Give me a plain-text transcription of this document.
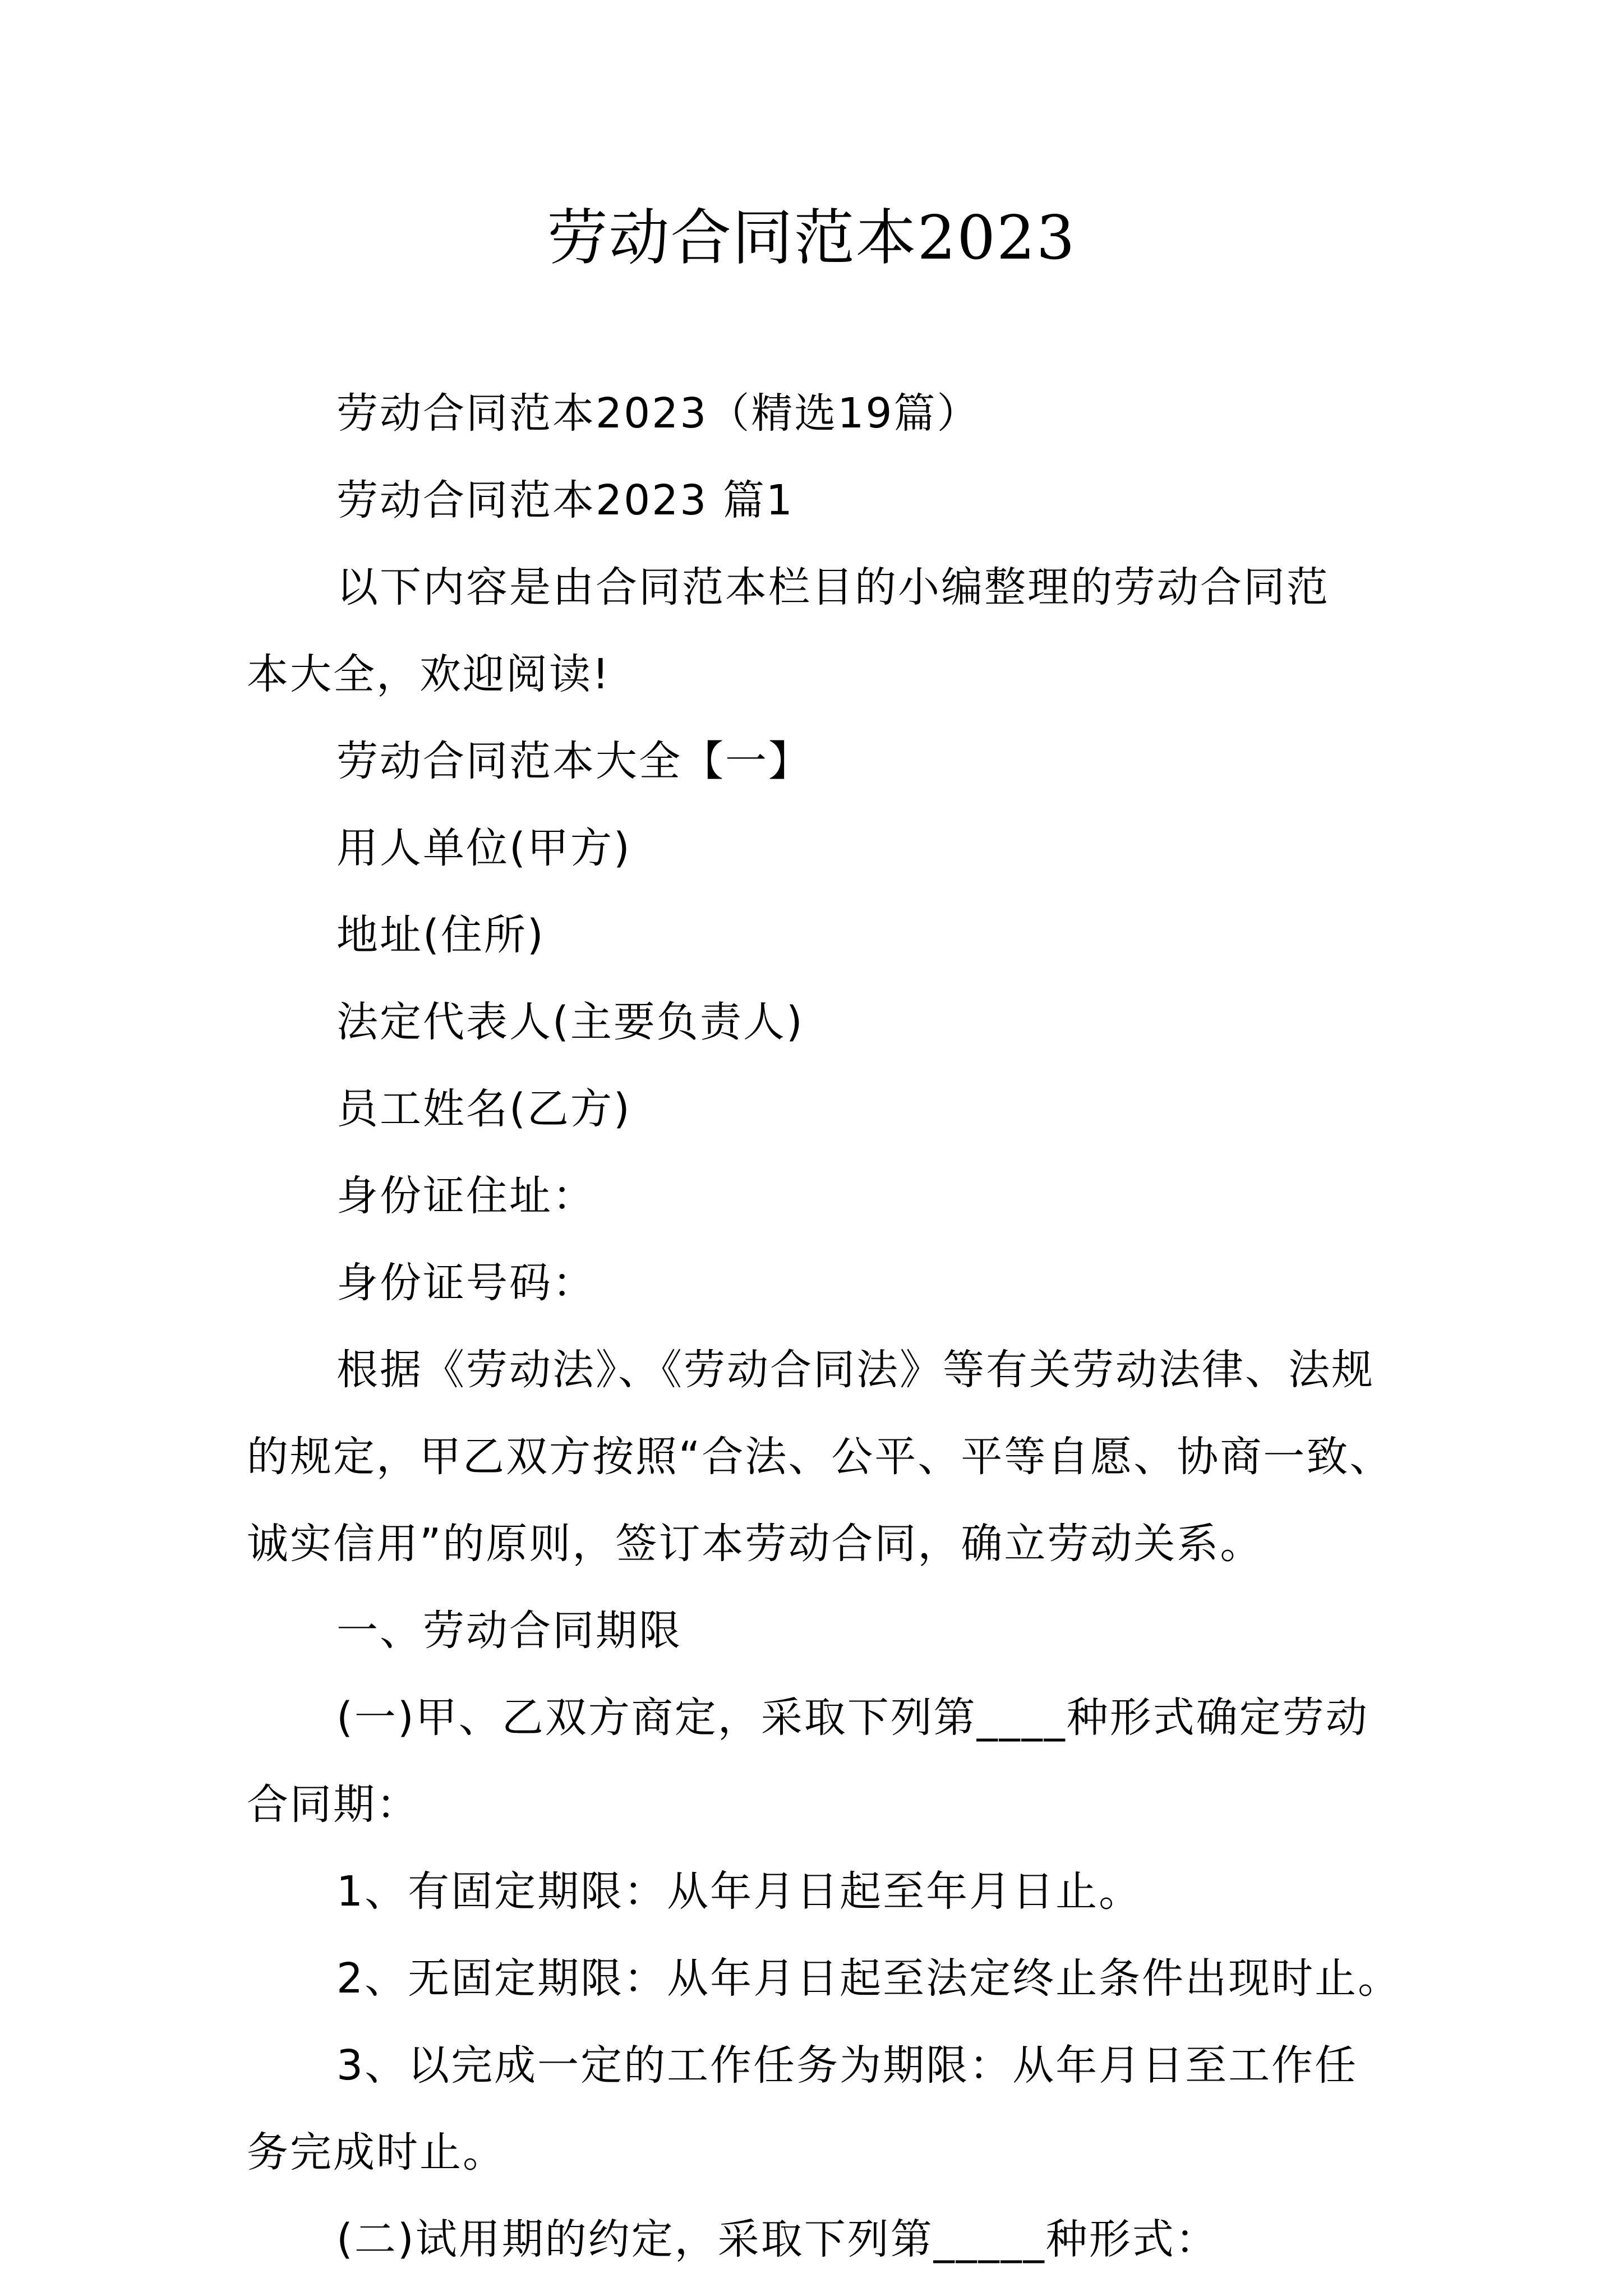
劳动合同范本2023

劳动合同范本2023（精选19篇）

劳动合同范本2023 篇1

以下内容是由合同范本栏目的小编整理的劳动合同范
本大全，欢迎阅读!

劳动合同范本大全【一】

用人单位(甲方)

地址(住所)

法定代表人(主要负责人)

员工姓名(乙方)

身份证住址：

身份证号码：

根据《劳动法》、《劳动合同法》等有关劳动法律、法规
的规定，甲乙双方按照“合法、公平、平等自愿、协商一致、
诚实信用”的原则，签订本劳动合同，确立劳动关系。

一、劳动合同期限

(一)甲、乙双方商定，采取下列第____种形式确定劳动
合同期：

1、有固定期限：从年月日起至年月日止。

2、无固定期限：从年月日起至法定终止条件出现时止。

3、以完成一定的工作任务为期限：从年月日至工作任
务完成时止。

(二)试用期的约定，采取下列第_____种形式：
